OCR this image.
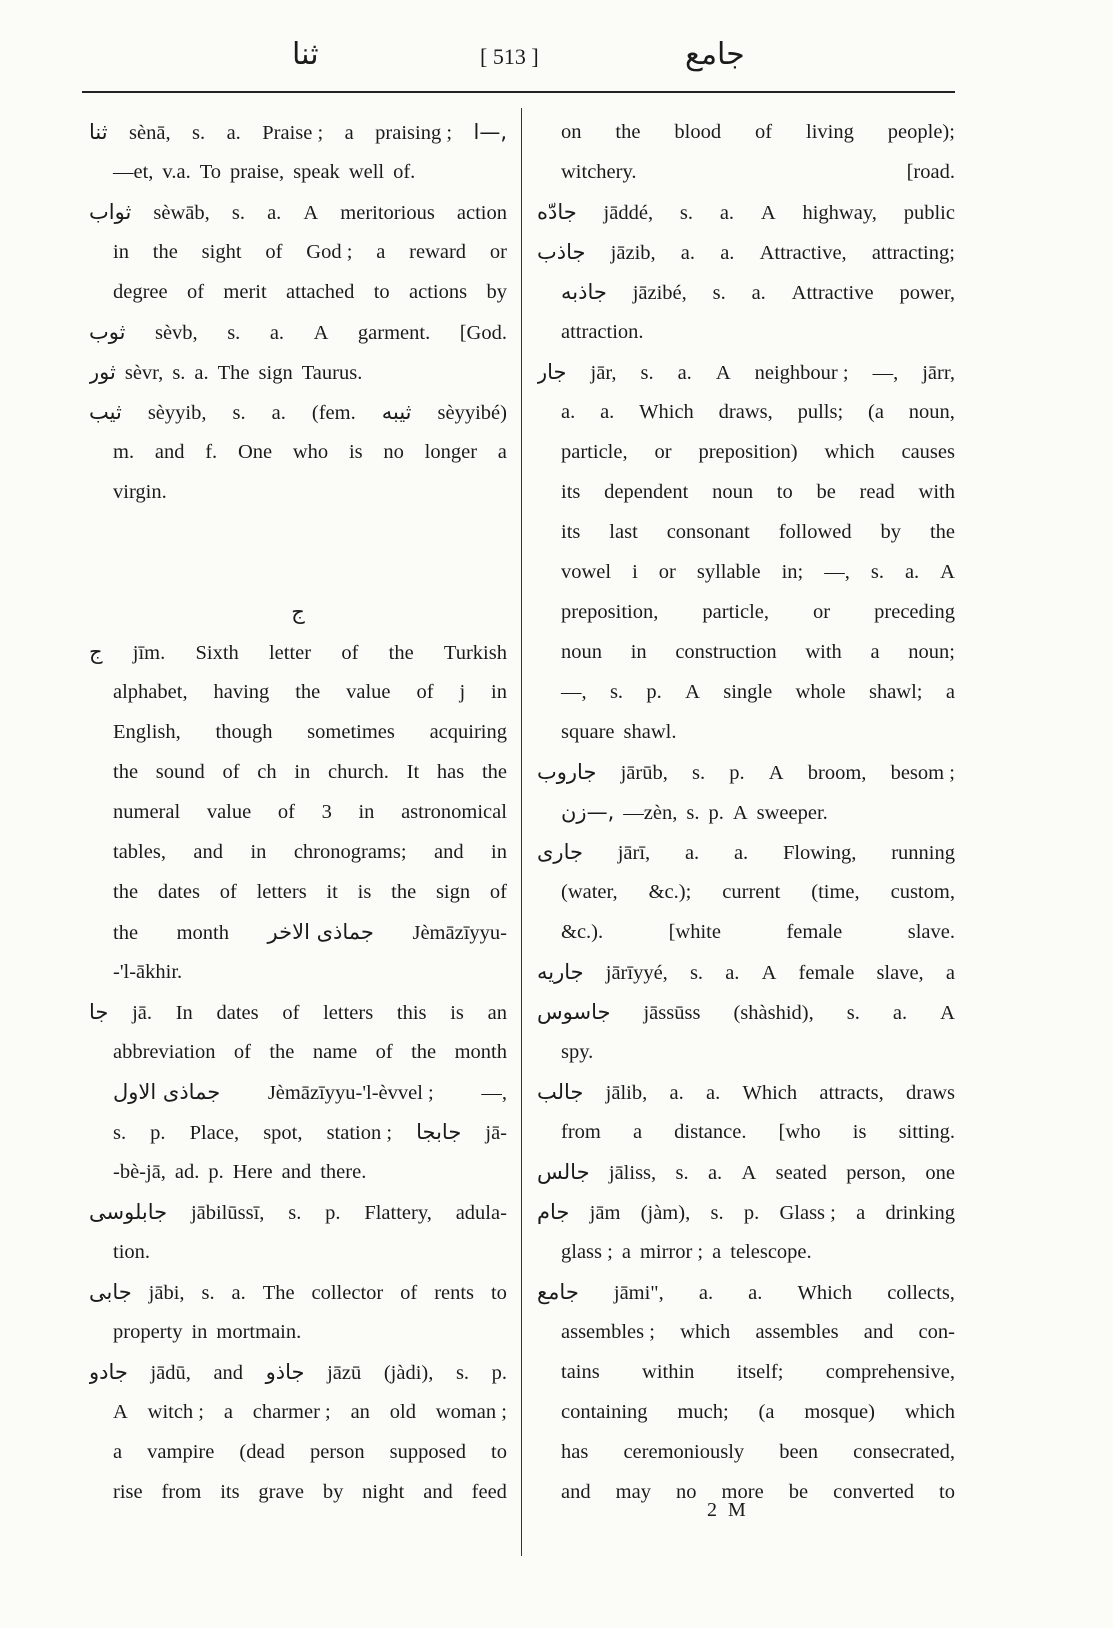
ثنا	[ 513 ]	جامع
ثنا sènā, s. a. Praise ; a praising ; ا—,
—et, v.a. To praise, speak well of.
ثواب sèwāb, s. a. A meritorious action
in the sight of God ; a reward or
degree of merit attached to actions by
ثوب sèvb, s. a. A garment. [God.
ثور sèvr, s. a. The sign Taurus.
ثيب sèyyib, s. a. (fem. ثيبه sèyyibé)
m. and f. One who is no longer a
virgin.
ج
ج jīm. Sixth letter of the Turkish
alphabet, having the value of j in
English, though sometimes acquiring
the sound of ch in church. It has the
numeral value of 3 in astronomical
tables, and in chronograms; and in
the dates of letters it is the sign of
the month جماذى الاخر Jèmāzīyyu-
-'l-ākhir.
جا jā. In dates of letters this is an
abbreviation of the name of the month
جماذى الاول Jèmāzīyyu-'l-èvvel ; —,
s. p. Place, spot, station ; جابجا jā-
-bè-jā, ad. p. Here and there.
جابلوسى jābilūssī, s. p. Flattery, adula-
tion.
جابى jābi, s. a. The collector of rents to
property in mortmain.
جادو jādū, and جاذو jāzū (jàdi), s. p.
A witch ; a charmer ; an old woman ;
a vampire (dead person supposed to
rise from its grave by night and feed
on the blood of living people);
witchery.	[road.
جادّه jāddé, s. a. A highway, public
جاذب jāzib, a. a. Attractive, attracting;
جاذبه jāzibé, s. a. Attractive power,
attraction.
جار jār, s. a. A neighbour ; —, jārr,
a. a. Which draws, pulls; (a noun,
particle, or preposition) which causes
its dependent noun to be read with
its last consonant followed by the
vowel i or syllable in; —, s. a. A
preposition, particle, or preceding
noun in construction with a noun;
—, s. p. A single whole shawl; a
square shawl.
جاروب jārūb, s. p. A broom, besom ;
زن—, —zèn, s. p. A sweeper.
جارى jārī, a. a. Flowing, running
(water, &c.); current (time, custom,
&c.).	[white	female	slave.
جاريه jārīyyé, s. a. A female slave, a
جاسوس jāssūss (shàshid), s. a. A
spy.
جالب jālib, a. a. Which attracts, draws
from a distance. [who is sitting.
جالس jāliss, s. a. A seated person, one
جام jām (jàm), s. p. Glass ; a drinking
glass ; a mirror ; a telescope.
جامع jāmi", a. a. Which collects,
assembles ; which assembles and con-
tains within itself; comprehensive,
containing much; (a mosque) which
has ceremoniously been consecrated,
and may no more be converted to
2 M
